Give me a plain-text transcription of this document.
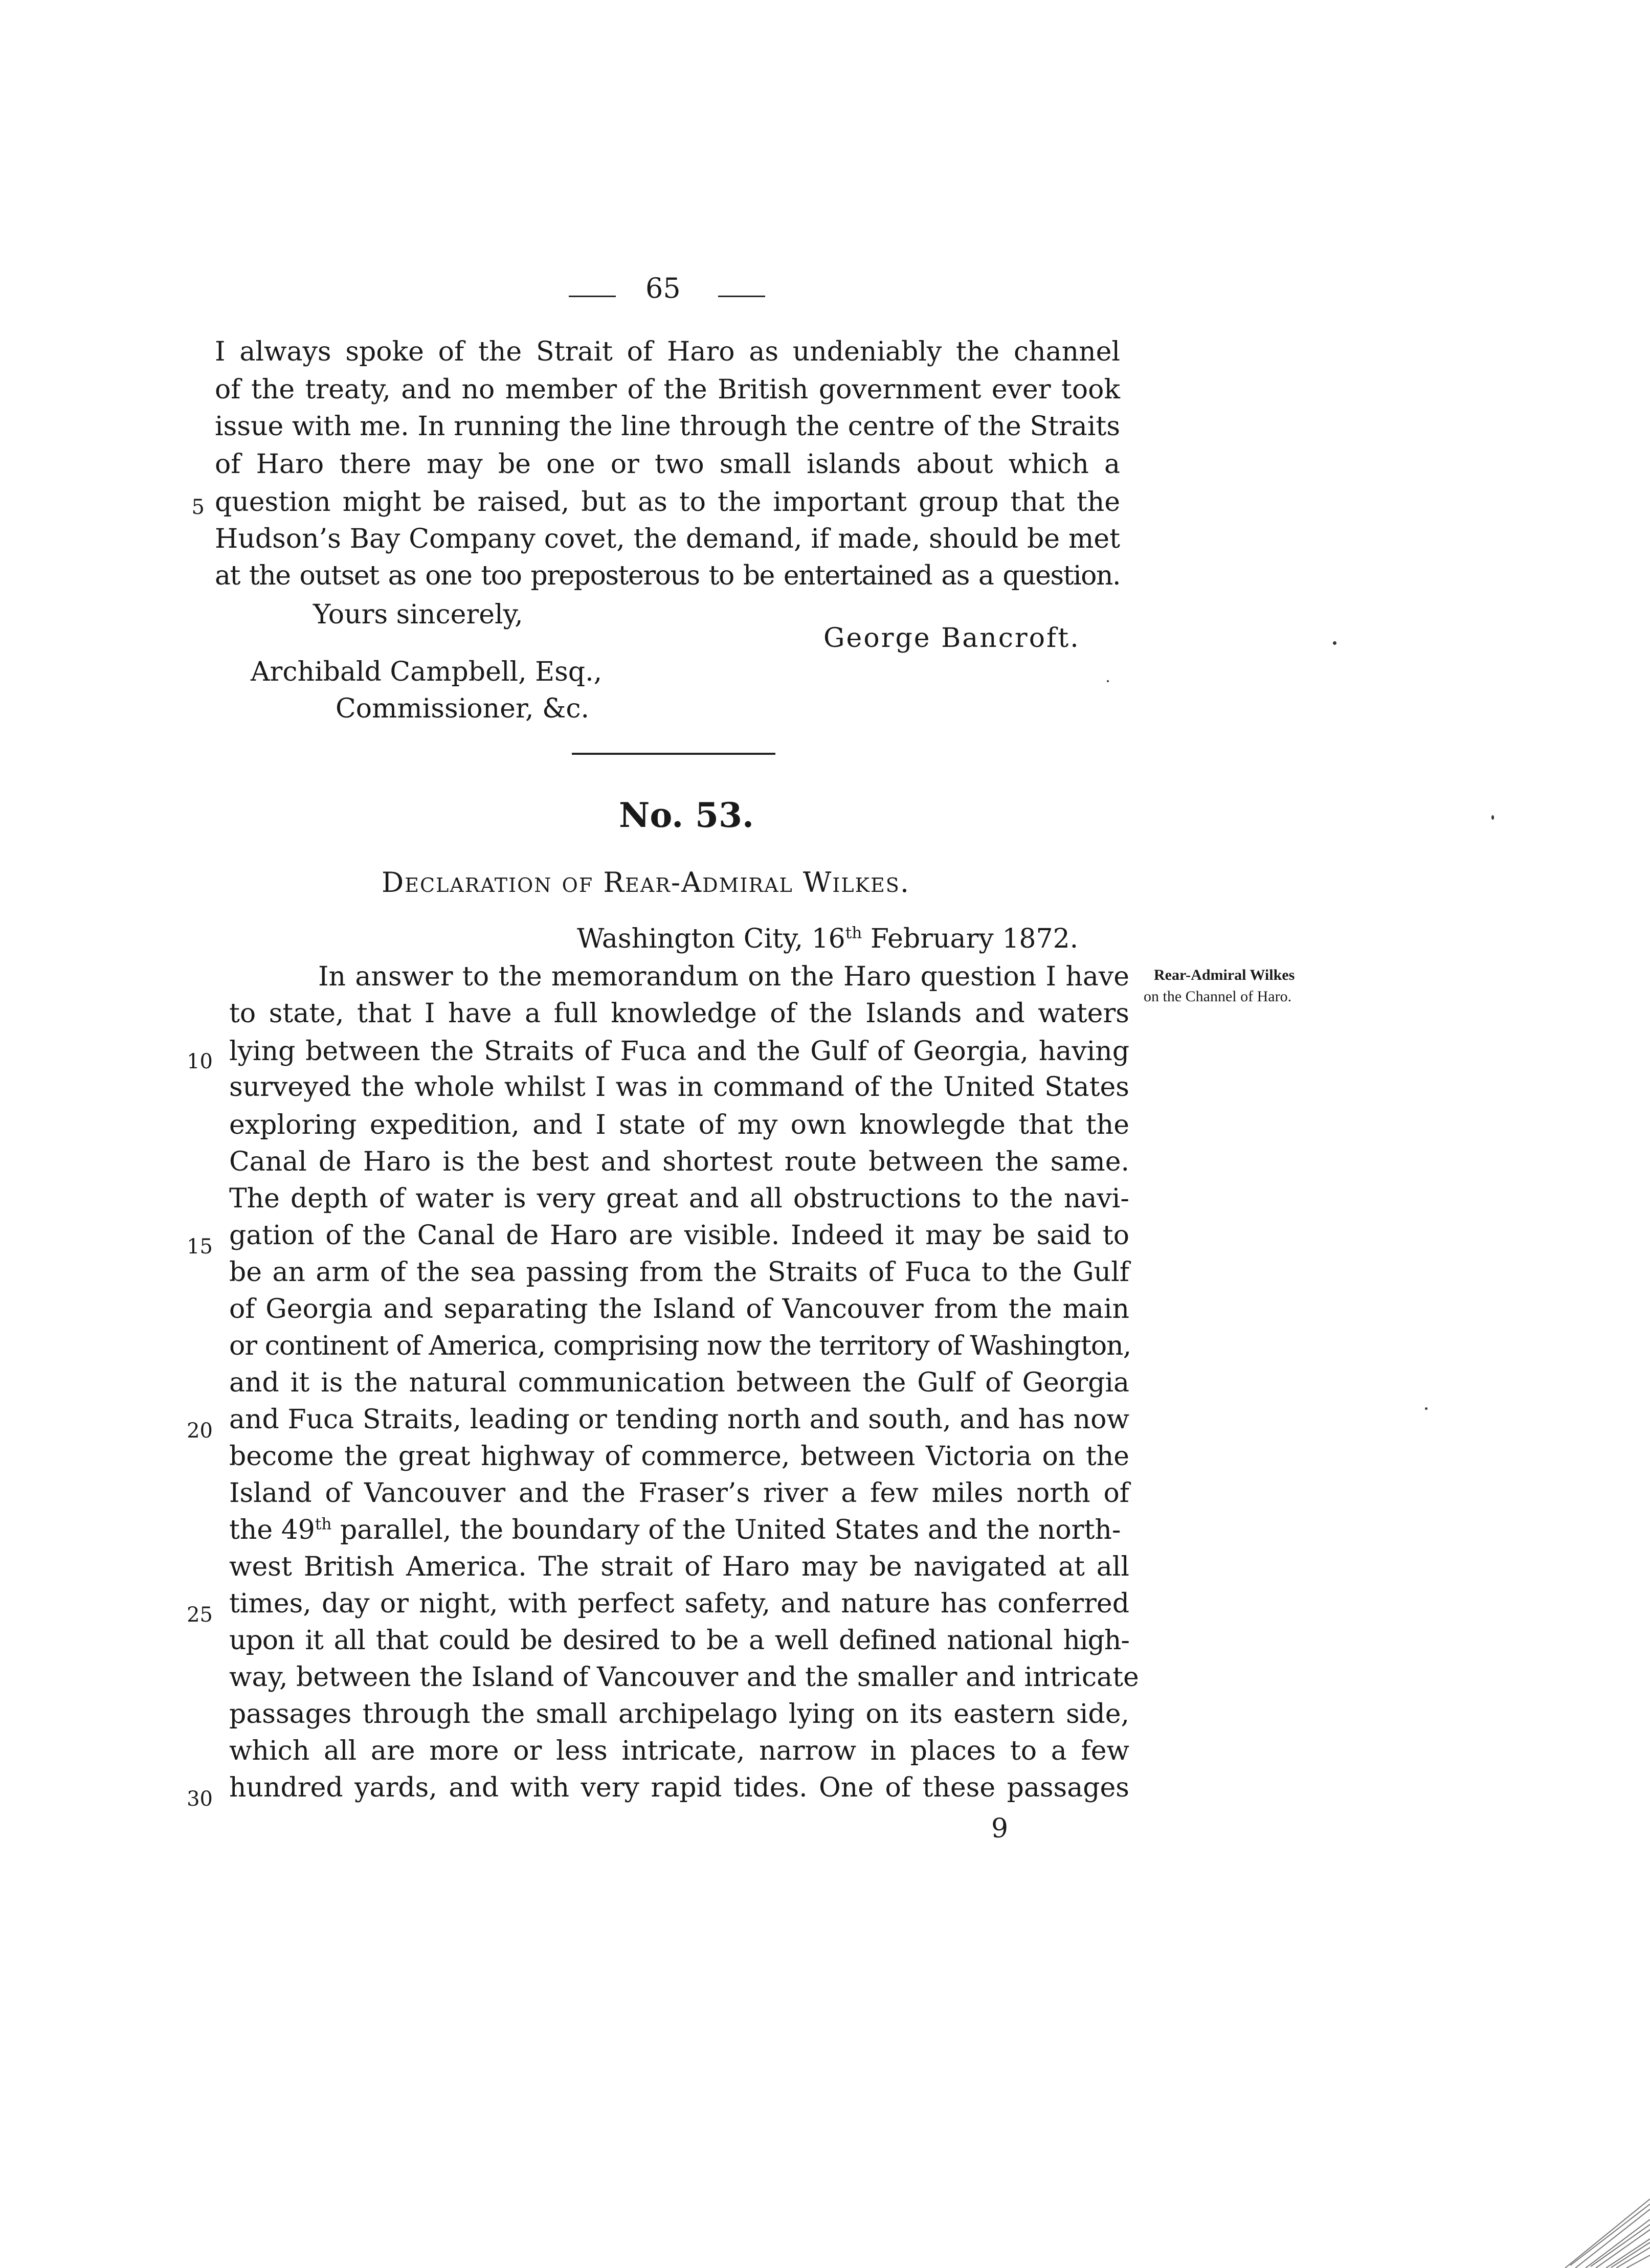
65
I always spoke of the Strait of Haro as undeniably the channel
of the treaty, and no member of the British government ever took
issue with me. In running the line through the centre of the Straits
of Haro there may be one or two small islands about which a
5 question might be raised, but as to the important group that the
Hudson’s Bay Company covet, the demand, if made, should be met
at the outset as one too preposterous to be entertained as a question.
Yours sincerely,
George Bancroft.
Archibald Campbell, Esq.,
Commissioner, &c.
No. 53.
Declaration of Rear-Admiral Wilkes.
Washington City, 16th February 1872.
Rear-Admiral Wilkes
on the Channel of Haro.
In answer to the memorandum on the Haro question I have
to state, that I have a full knowledge of the Islands and waters
10 lying between the Straits of Fuca and the Gulf of Georgia, having
surveyed the whole whilst I was in command of the United States
exploring expedition, and I state of my own knowlegde that the
Canal de Haro is the best and shortest route between the same.
The depth of water is very great and all obstructions to the navi-
15 gation of the Canal de Haro are visible. Indeed it may be said to
be an arm of the sea passing from the Straits of Fuca to the Gulf
of Georgia and separating the Island of Vancouver from the main
or continent of America, comprising now the territory of Washington,
and it is the natural communication between the Gulf of Georgia
20 and Fuca Straits, leading or tending north and south, and has now
become the great highway of commerce, between Victoria on the
Island of Vancouver and the Fraser’s river a few miles north of
the 49th parallel, the boundary of the United States and the north-
west British America. The strait of Haro may be navigated at all
25 times, day or night, with perfect safety, and nature has conferred
upon it all that could be desired to be a well defined national high-
way, between the Island of Vancouver and the smaller and intricate
passages through the small archipelago lying on its eastern side,
which all are more or less intricate, narrow in places to a few
30 hundred yards, and with very rapid tides. One of these passages
9
